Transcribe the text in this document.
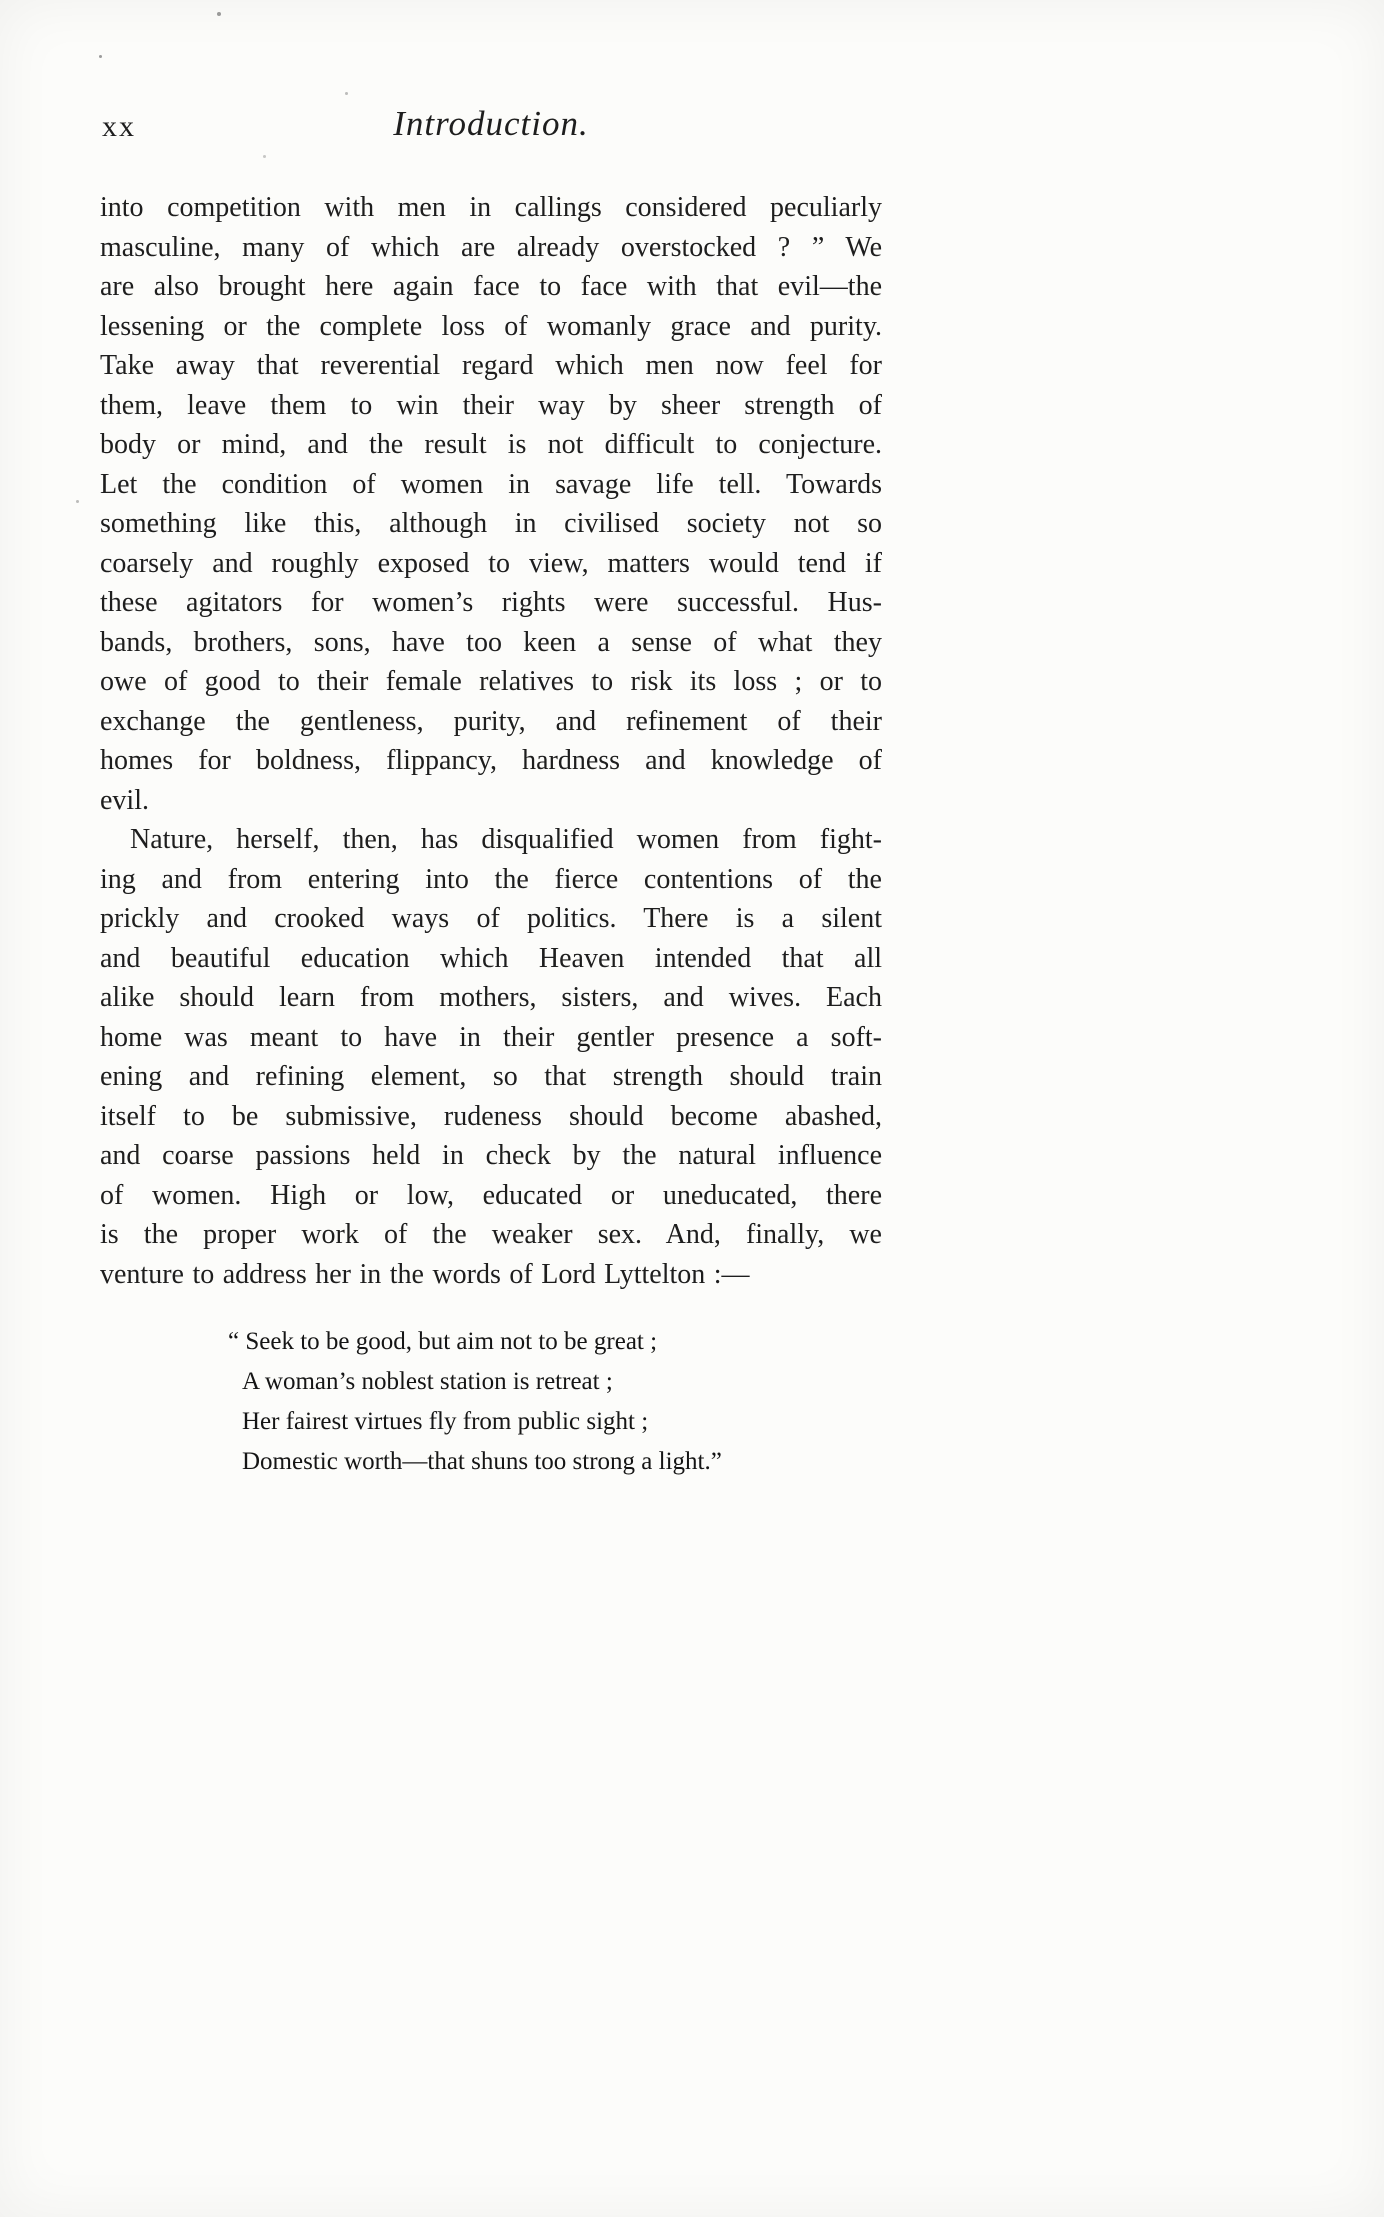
xx	Introduction.
into competition with men in callings considered peculiarly
masculine, many of which are already overstocked ? ” We
are also brought here again face to face with that evil—the
lessening or the complete loss of womanly grace and purity.
Take away that reverential regard which men now feel for
them, leave them to win their way by sheer strength of
body or mind, and the result is not difficult to conjecture.
Let the condition of women in savage life tell. Towards
something like this, although in civilised society not so
coarsely and roughly exposed to view, matters would tend if
these agitators for women’s rights were successful. Hus-
bands, brothers, sons, have too keen a sense of what they
owe of good to their female relatives to risk its loss ; or to
exchange the gentleness, purity, and refinement of their
homes for boldness, flippancy, hardness and knowledge of
evil.
Nature, herself, then, has disqualified women from fight-
ing and from entering into the fierce contentions of the
prickly and crooked ways of politics. There is a silent
and beautiful education which Heaven intended that all
alike should learn from mothers, sisters, and wives. Each
home was meant to have in their gentler presence a soft-
ening and refining element, so that strength should train
itself to be submissive, rudeness should become abashed,
and coarse passions held in check by the natural influence
of women. High or low, educated or uneducated, there
is the proper work of the weaker sex. And, finally, we
venture to address her in the words of Lord Lyttelton :—
“ Seek to be good, but aim not to be great ;
A woman’s noblest station is retreat ;
Her fairest virtues fly from public sight ;
Domestic worth—that shuns too strong a light.”
